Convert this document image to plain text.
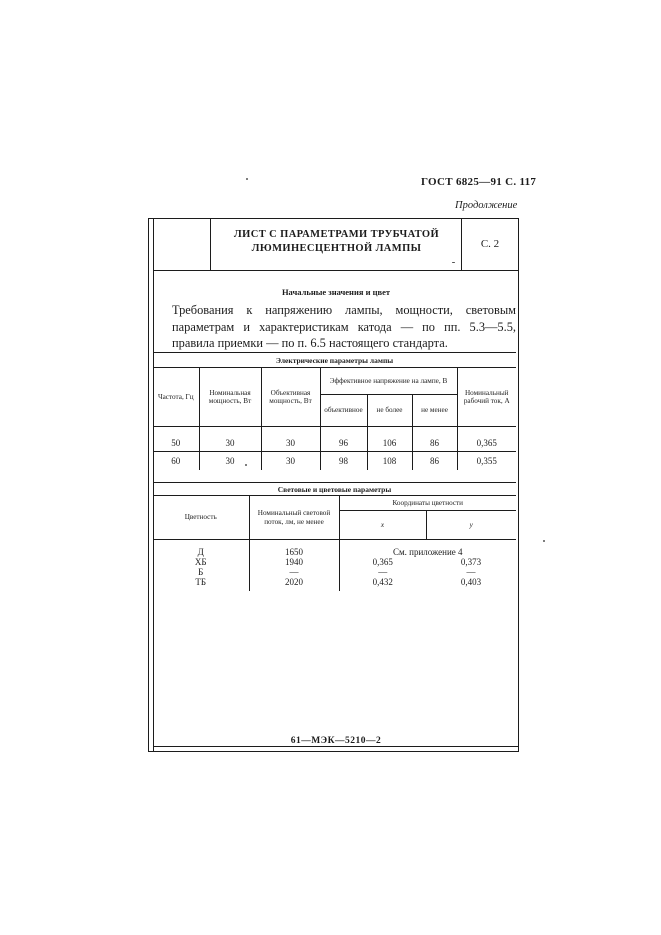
ГОСТ 6825—91 С. 117
Продолжение
ЛИСТ С ПАРАМЕТРАМИ ТРУБЧАТОЙ
ЛЮМИНЕСЦЕНТНОЙ ЛАМПЫ	С. 2
Начальные значения и цвет
Требования к напряжению лампы, мощности, световым параметрам и характеристикам катода — по пп. 5.3—5.5, правила приемки — по п. 6.5 настоящего стандарта.
Электрические параметры лампы						
Частота, Гц	Номинальная мощность, Вт	Объективная мощность, Вт	Эффективное напряжение на лампе, В			Номинальный рабочий ток, А
			объективное	не более	не менее	
50	30	30	96	106	86	0,365
60	30	30	98	108	86	0,355
Световые и цветовые параметры			
Цветность	Номинальный световой поток, лм, не менее	Координаты цветности	
		x	y
Д	1650	См. приложение 4	
ХБ	1940	0,365	0,373
Б	—	—	—
ТБ	2020	0,432	0,403
61—МЭК—5210—2
